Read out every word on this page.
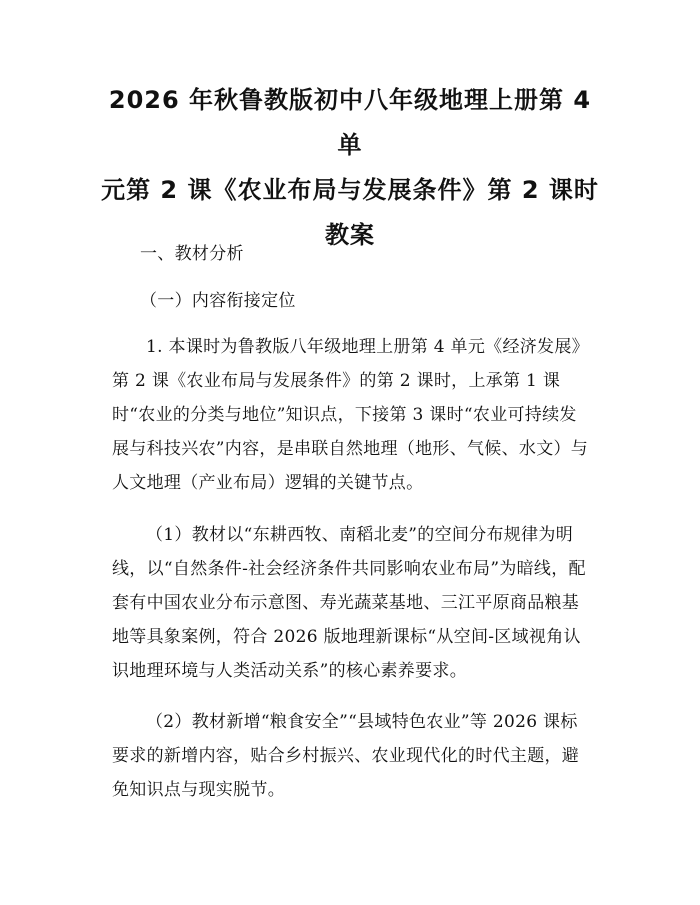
2026 年秋鲁教版初中八年级地理上册第 4 单
元第 2 课《农业布局与发展条件》第 2 课时
教案

一、教材分析

（一）内容衔接定位

1. 本课时为鲁教版八年级地理上册第 4 单元《经济发展》第 2 课《农业布局与发展条件》的第 2 课时，上承第 1 课时“农业的分类与地位”知识点，下接第 3 课时“农业可持续发展与科技兴农”内容，是串联自然地理（地形、气候、水文）与人文地理（产业布局）逻辑的关键节点。

（1）教材以“东耕西牧、南稻北麦”的空间分布规律为明线，以“自然条件-社会经济条件共同影响农业布局”为暗线，配套有中国农业分布示意图、寿光蔬菜基地、三江平原商品粮基地等具象案例，符合 2026 版地理新课标“从空间-区域视角认识地理环境与人类活动关系”的核心素养要求。

（2）教材新增“粮食安全”“县域特色农业”等 2026 课标要求的新增内容，贴合乡村振兴、农业现代化的时代主题，避免知识点与现实脱节。
